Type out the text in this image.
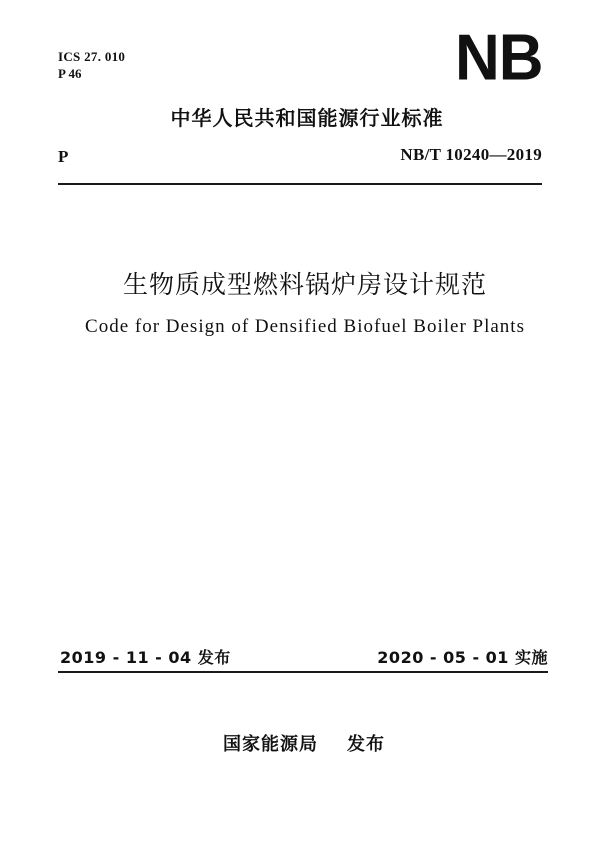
ICS 27. 010
P 46	NB
中华人民共和国能源行业标准
P	NB/T 10240—2019
生物质成型燃料锅炉房设计规范
Code for Design of Densified Biofuel Boiler Plants
2019 - 11 - 04 发布	2020 - 05 - 01 实施
国家能源局    发布
